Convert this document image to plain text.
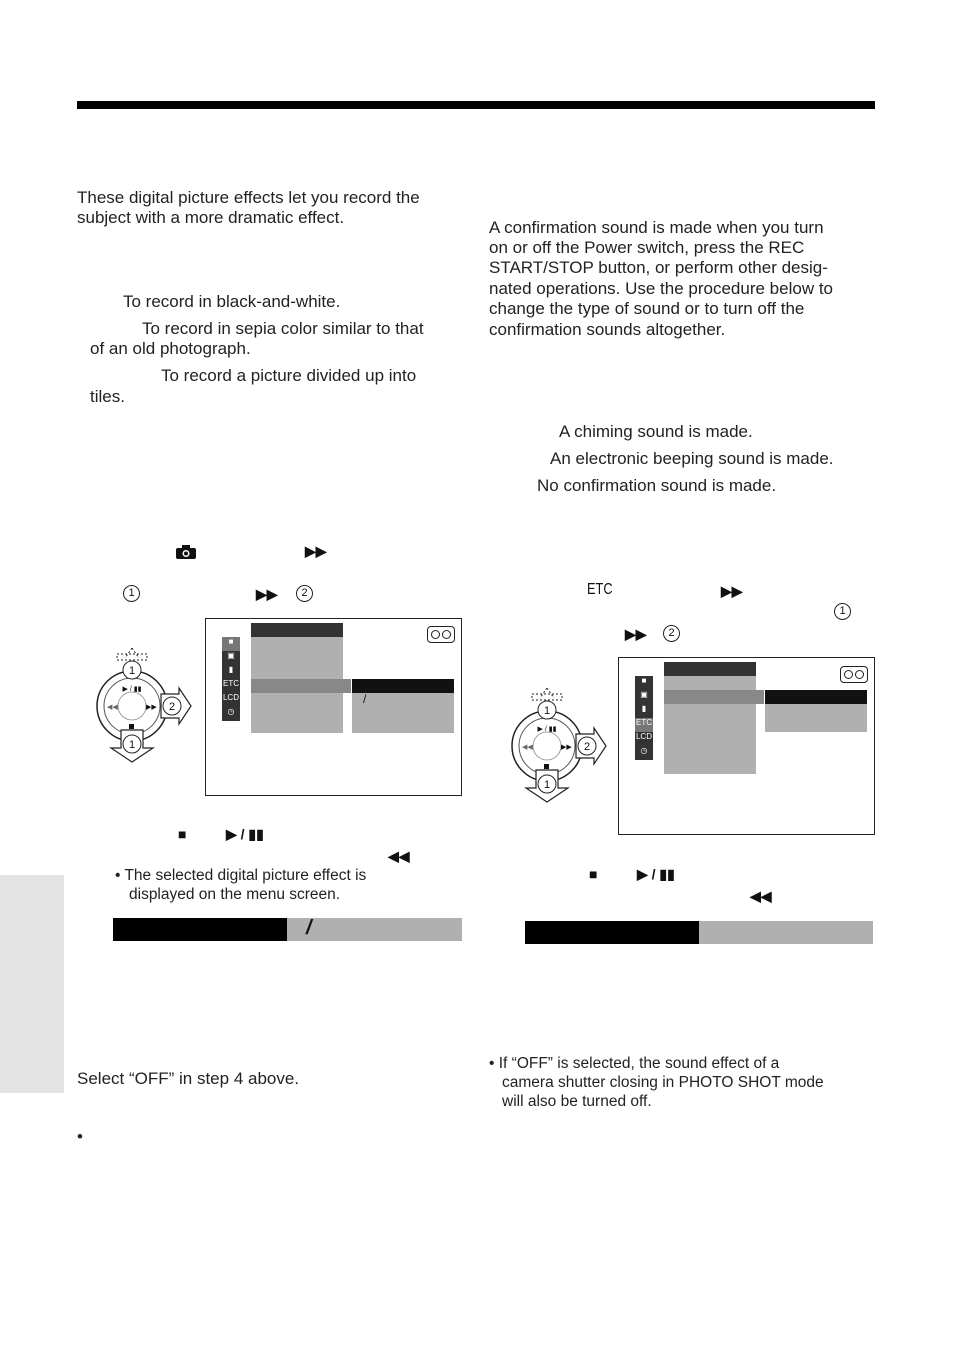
These digital picture effects let you record the
subject with a more dramatic effect.
To record in black-and-white.
To record in sepia color similar to that
of an old photograph.
To record a picture divided up into
tiles.
▶▶
1	▶▶	2
1
▶ / ▮▮
◀◀	▶▶ 2
1
■
▣
▮
ETC
LCD
◷
/
■	▶ / ▮▮
◀◀
• The selected digital picture effect is
displayed on the menu screen.
/
Select “OFF” in step 4 above.
•
A confirmation sound is made when you turn
on or off the Power switch, press the REC
START/STOP button, or perform other desig-
nated operations. Use the procedure below to
change the type of sound or to turn off the
confirmation sounds altogether.
A chiming sound is made.
An electronic beeping sound is made.
No confirmation sound is made.
ETC	▶▶
1
▶▶	2
1
▶ / ▮▮
◀◀	▶▶ 2
1
■
▣
▮
ETC
LCD
◷
■	▶ / ▮▮
◀◀
• If “OFF” is selected, the sound effect of a
camera shutter closing in PHOTO SHOT mode
will also be turned off.
